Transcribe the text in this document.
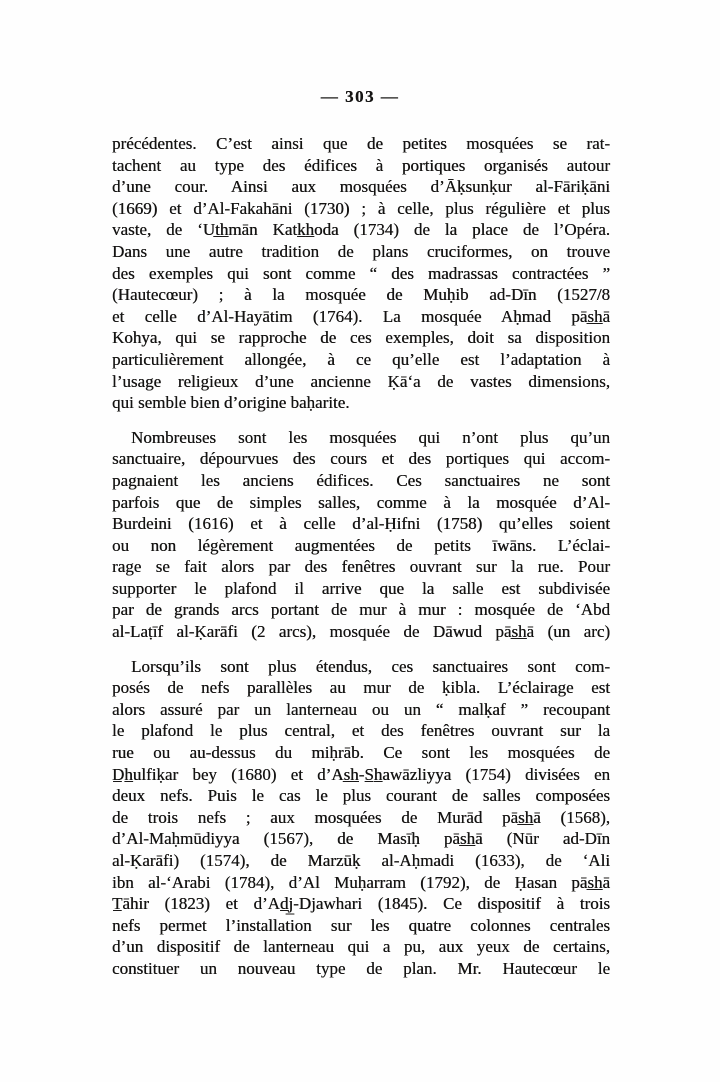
— 303 —
précédentes. C’est ainsi que de petites mosquées se rat-
tachent au type des édifices à portiques organisés autour
d’une cour. Ainsi aux mosquées d’Āḳsunḳur al-Fāriḳāni
(1669) et d’Al-Fakahāni (1730) ; à celle, plus régulière et plus
vaste, de ‘Ut̲h̲mān Katk̲h̲oda (1734) de la place de l’Opéra.
Dans une autre tradition de plans cruciformes, on trouve
des exemples qui sont comme “ des madrassas contractées ”
(Hautecœur) ; à la mosquée de Muḥib ad-Dīn (1527/8
et celle d’Al-Hayātim (1764). La mosquée Aḥmad pās̲h̲ā
Kohya, qui se rapproche de ces exemples, doit sa disposition
particulièrement allongée, à ce qu’elle est l’adaptation à
l’usage religieux d’une ancienne Ḳā‘a de vastes dimensions,
qui semble bien d’origine baḥarite.
Nombreuses sont les mosquées qui n’ont plus qu’un
sanctuaire, dépourvues des cours et des portiques qui accom-
pagnaient les anciens édifices. Ces sanctuaires ne sont
parfois que de simples salles, comme à la mosquée d’Al-
Burdeini (1616) et à celle d’al-Ḥifni (1758) qu’elles soient
ou non légèrement augmentées de petits īwāns. L’éclai-
rage se fait alors par des fenêtres ouvrant sur la rue. Pour
supporter le plafond il arrive que la salle est subdivisée
par de grands arcs portant de mur à mur : mosquée de ‘Abd
al-Laṭīf al-Ḳarāfi (2 arcs), mosquée de Dāwud pās̲h̲ā (un arc)
Lorsqu’ils sont plus étendus, ces sanctuaires sont com-
posés de nefs parallèles au mur de ḳibla. L’éclairage est
alors assuré par un lanterneau ou un “ malḳaf ” recoupant
le plafond le plus central, et des fenêtres ouvrant sur la
rue ou au-dessus du miḥrāb. Ce sont les mosquées de
D̲h̲ulfiḳar bey (1680) et d’As̲h̲-S̲h̲awāzliyya (1754) divisées en
deux nefs. Puis le cas le plus courant de salles composées
de trois nefs ; aux mosquées de Murād pās̲h̲ā (1568),
d’Al-Maḥmūdiyya (1567), de Masīḥ pās̲h̲ā (Nūr ad-Dīn
al-Ḳarāfi) (1574), de Marzūḳ al-Aḥmadi (1633), de ‘Ali
ibn al-‘Arabi (1784), d’Al Muḥarram (1792), de Ḥasan pās̲h̲ā
T̲āhir (1823) et d’Ad̲j̲-Djawhari (1845). Ce dispositif à trois
nefs permet l’installation sur les quatre colonnes centrales
d’un dispositif de lanterneau qui a pu, aux yeux de certains,
constituer un nouveau type de plan. Mr. Hautecœur le
